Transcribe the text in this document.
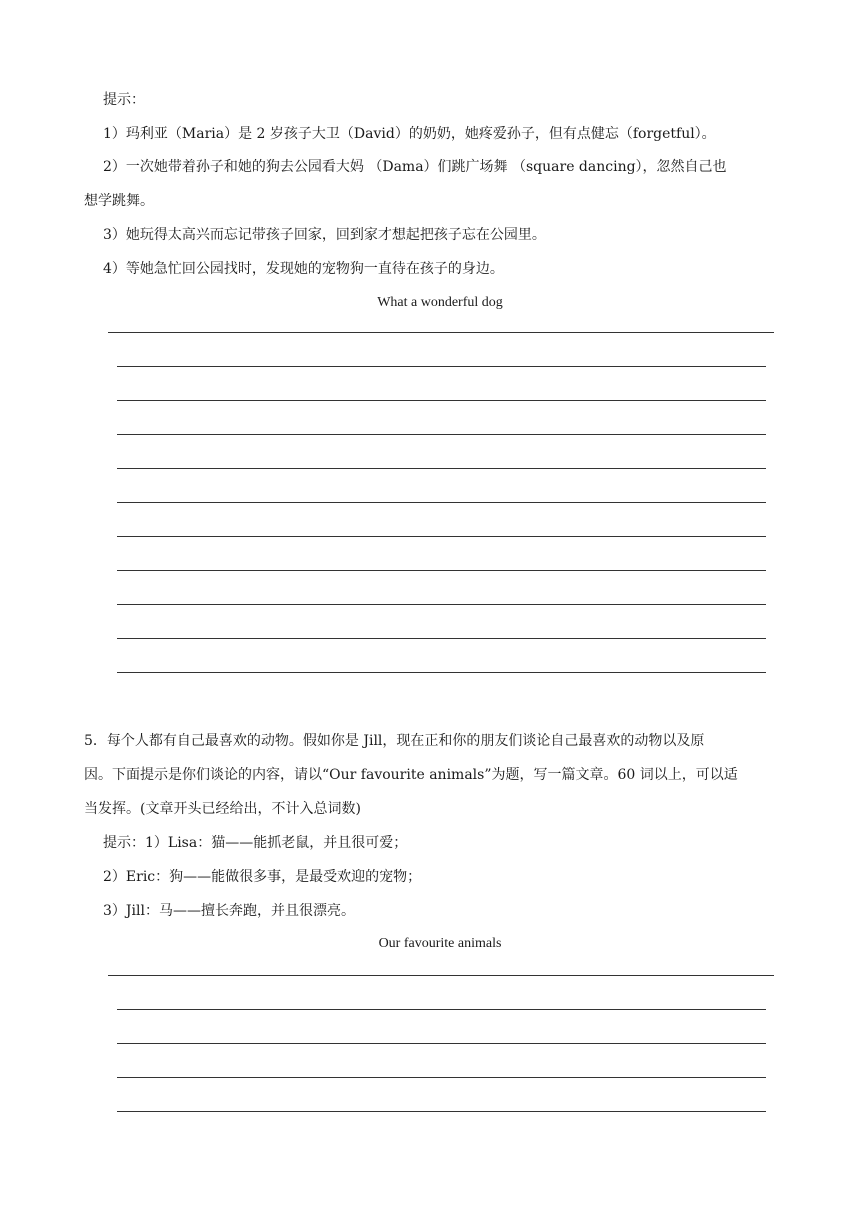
提示：
1）玛利亚（Maria）是 2 岁孩子大卫（David）的奶奶，她疼爱孙子，但有点健忘（forgetful）。
2）一次她带着孙子和她的狗去公园看大妈 （Dama）们跳广场舞 （square dancing），忽然自己也
想学跳舞。
3）她玩得太高兴而忘记带孩子回家，回到家才想起把孩子忘在公园里。
4）等她急忙回公园找时，发现她的宠物狗一直待在孩子的身边。
What a wonderful dog
5．每个人都有自己最喜欢的动物。假如你是 Jill，现在正和你的朋友们谈论自己最喜欢的动物以及原
因。下面提示是你们谈论的内容，请以“Our favourite animals”为题，写一篇文章。60 词以上，可以适
当发挥。(文章开头已经给出，不计入总词数)
提示：1）Lisa：猫——能抓老鼠，并且很可爱；
2）Eric：狗——能做很多事，是最受欢迎的宠物；
3）Jill：马——擅长奔跑，并且很漂亮。
Our favourite animals
